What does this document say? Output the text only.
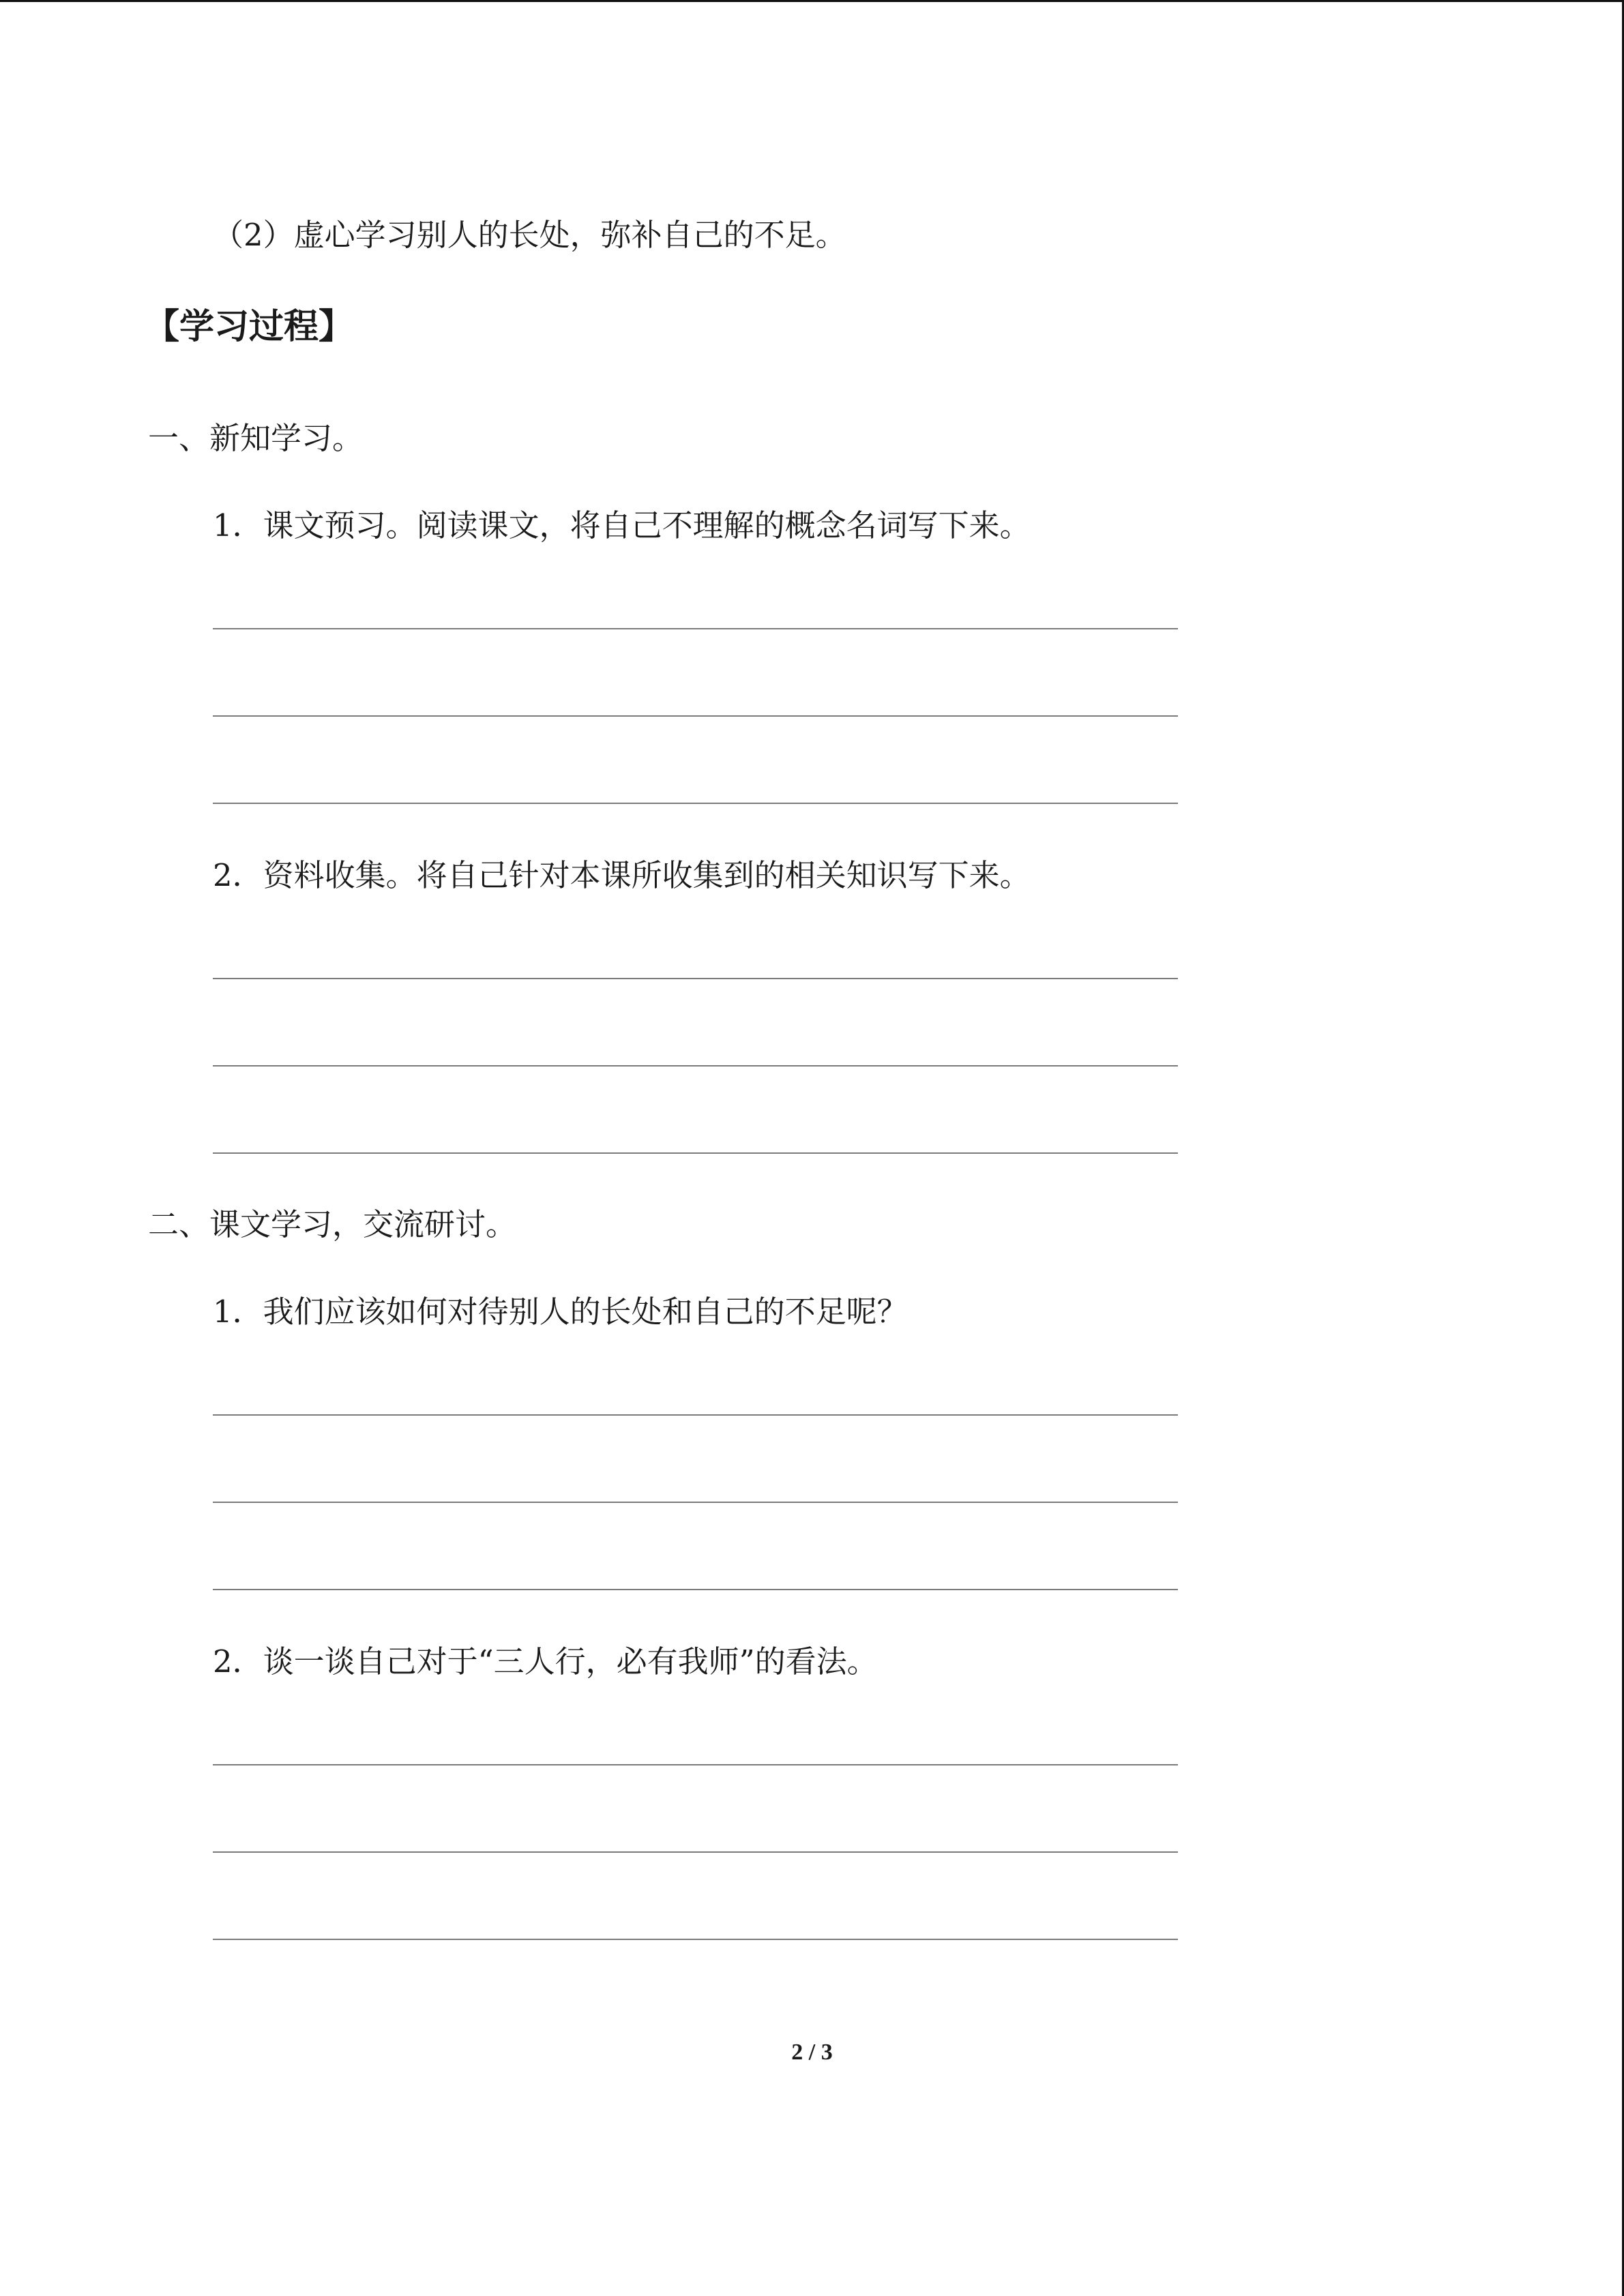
（2）虚心学习别人的长处，弥补自己的不足。
【学习过程】
一、新知学习。
1．课文预习。阅读课文，将自己不理解的概念名词写下来。
2．资料收集。将自己针对本课所收集到的相关知识写下来。
二、课文学习，交流研讨。
1．我们应该如何对待别人的长处和自己的不足呢？
2．谈一谈自己对于“三人行，必有我师”的看法。
2 / 3
